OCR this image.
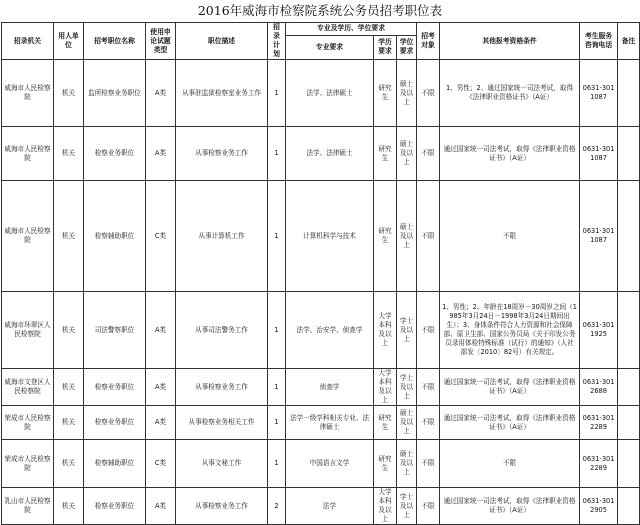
2016年威海市检察院系统公务员招考职位表
招录机关	用人单位	招考职位名称	使用申论试题类型	职位描述	招录计划	专业及学历、学位要求			招考对象	其他报考资格条件	考生服务咨询电话	备注
						专业要求	学历要求	学位要求				
威海市人民检察院	机关	监所检察业务职位	A类	从事驻监狱检察室业务工作	1	法学、法律硕士	研究生	硕士及以上	不限	1、男性；2、通过国家统一司法考试，取得《法律职业资格证书》（A证）	0631-3011087	
威海市人民检察院	机关	检察业务职位	A类	从事检察业务工作	1	法学、法律硕士	研究生	硕士及以上	不限	通过国家统一司法考试，取得《法律职业资格证书》（A证）	0631-3011087	
威海市人民检察院	机关	检察辅助职位	C类	从事计算机工作	1	计算机科学与技术	研究生	硕士及以上	不限	不限	0631-3011087	
威海市环翠区人民检察院	机关	司法警察职位	A类	从事司法警务工作	1	法学、治安学、侦查学	大学本科及以上	学士及以上	不限	1、男性；2、年龄在18周岁－30周岁之间（1985年3月24日－1998年3月24日期间出生）；3、身体条件符合人力资源和社会保障部、原卫生部、国家公务员局《关于印发公务员录用体检特殊标准（试行）的通知》（人社部发〔2010〕82号）有关规定。	0631-3011925	
威海市文登区人民检察院	机关	检察业务职位	A类	从事检察业务工作	1	侦查学	大学本科及以上	学士及以上	不限	通过国家统一司法考试，取得《法律职业资格证书》（A证）	0631-3012688	
荣成市人民检察院	机关	检察业务职位	A类	从事检察业务相关工作	1	法学一级学科相关专业、法律硕士	研究生	硕士及以上	不限	通过国家统一司法考试，取得《法律职业资格证书》（A证）	0631-3012289	
荣成市人民检察院	机关	检察辅助职位	C类	从事文秘工作	1	中国语言文学	研究生	硕士及以上	不限	不限	0631-3012289	
乳山市人民检察院	机关	检察业务职位	A类	从事检察业务工作	2	法学	大学本科及以上	学士及以上	不限	通过国家统一司法考试，取得《法律职业资格证书》（A证）	0631-3012905	
